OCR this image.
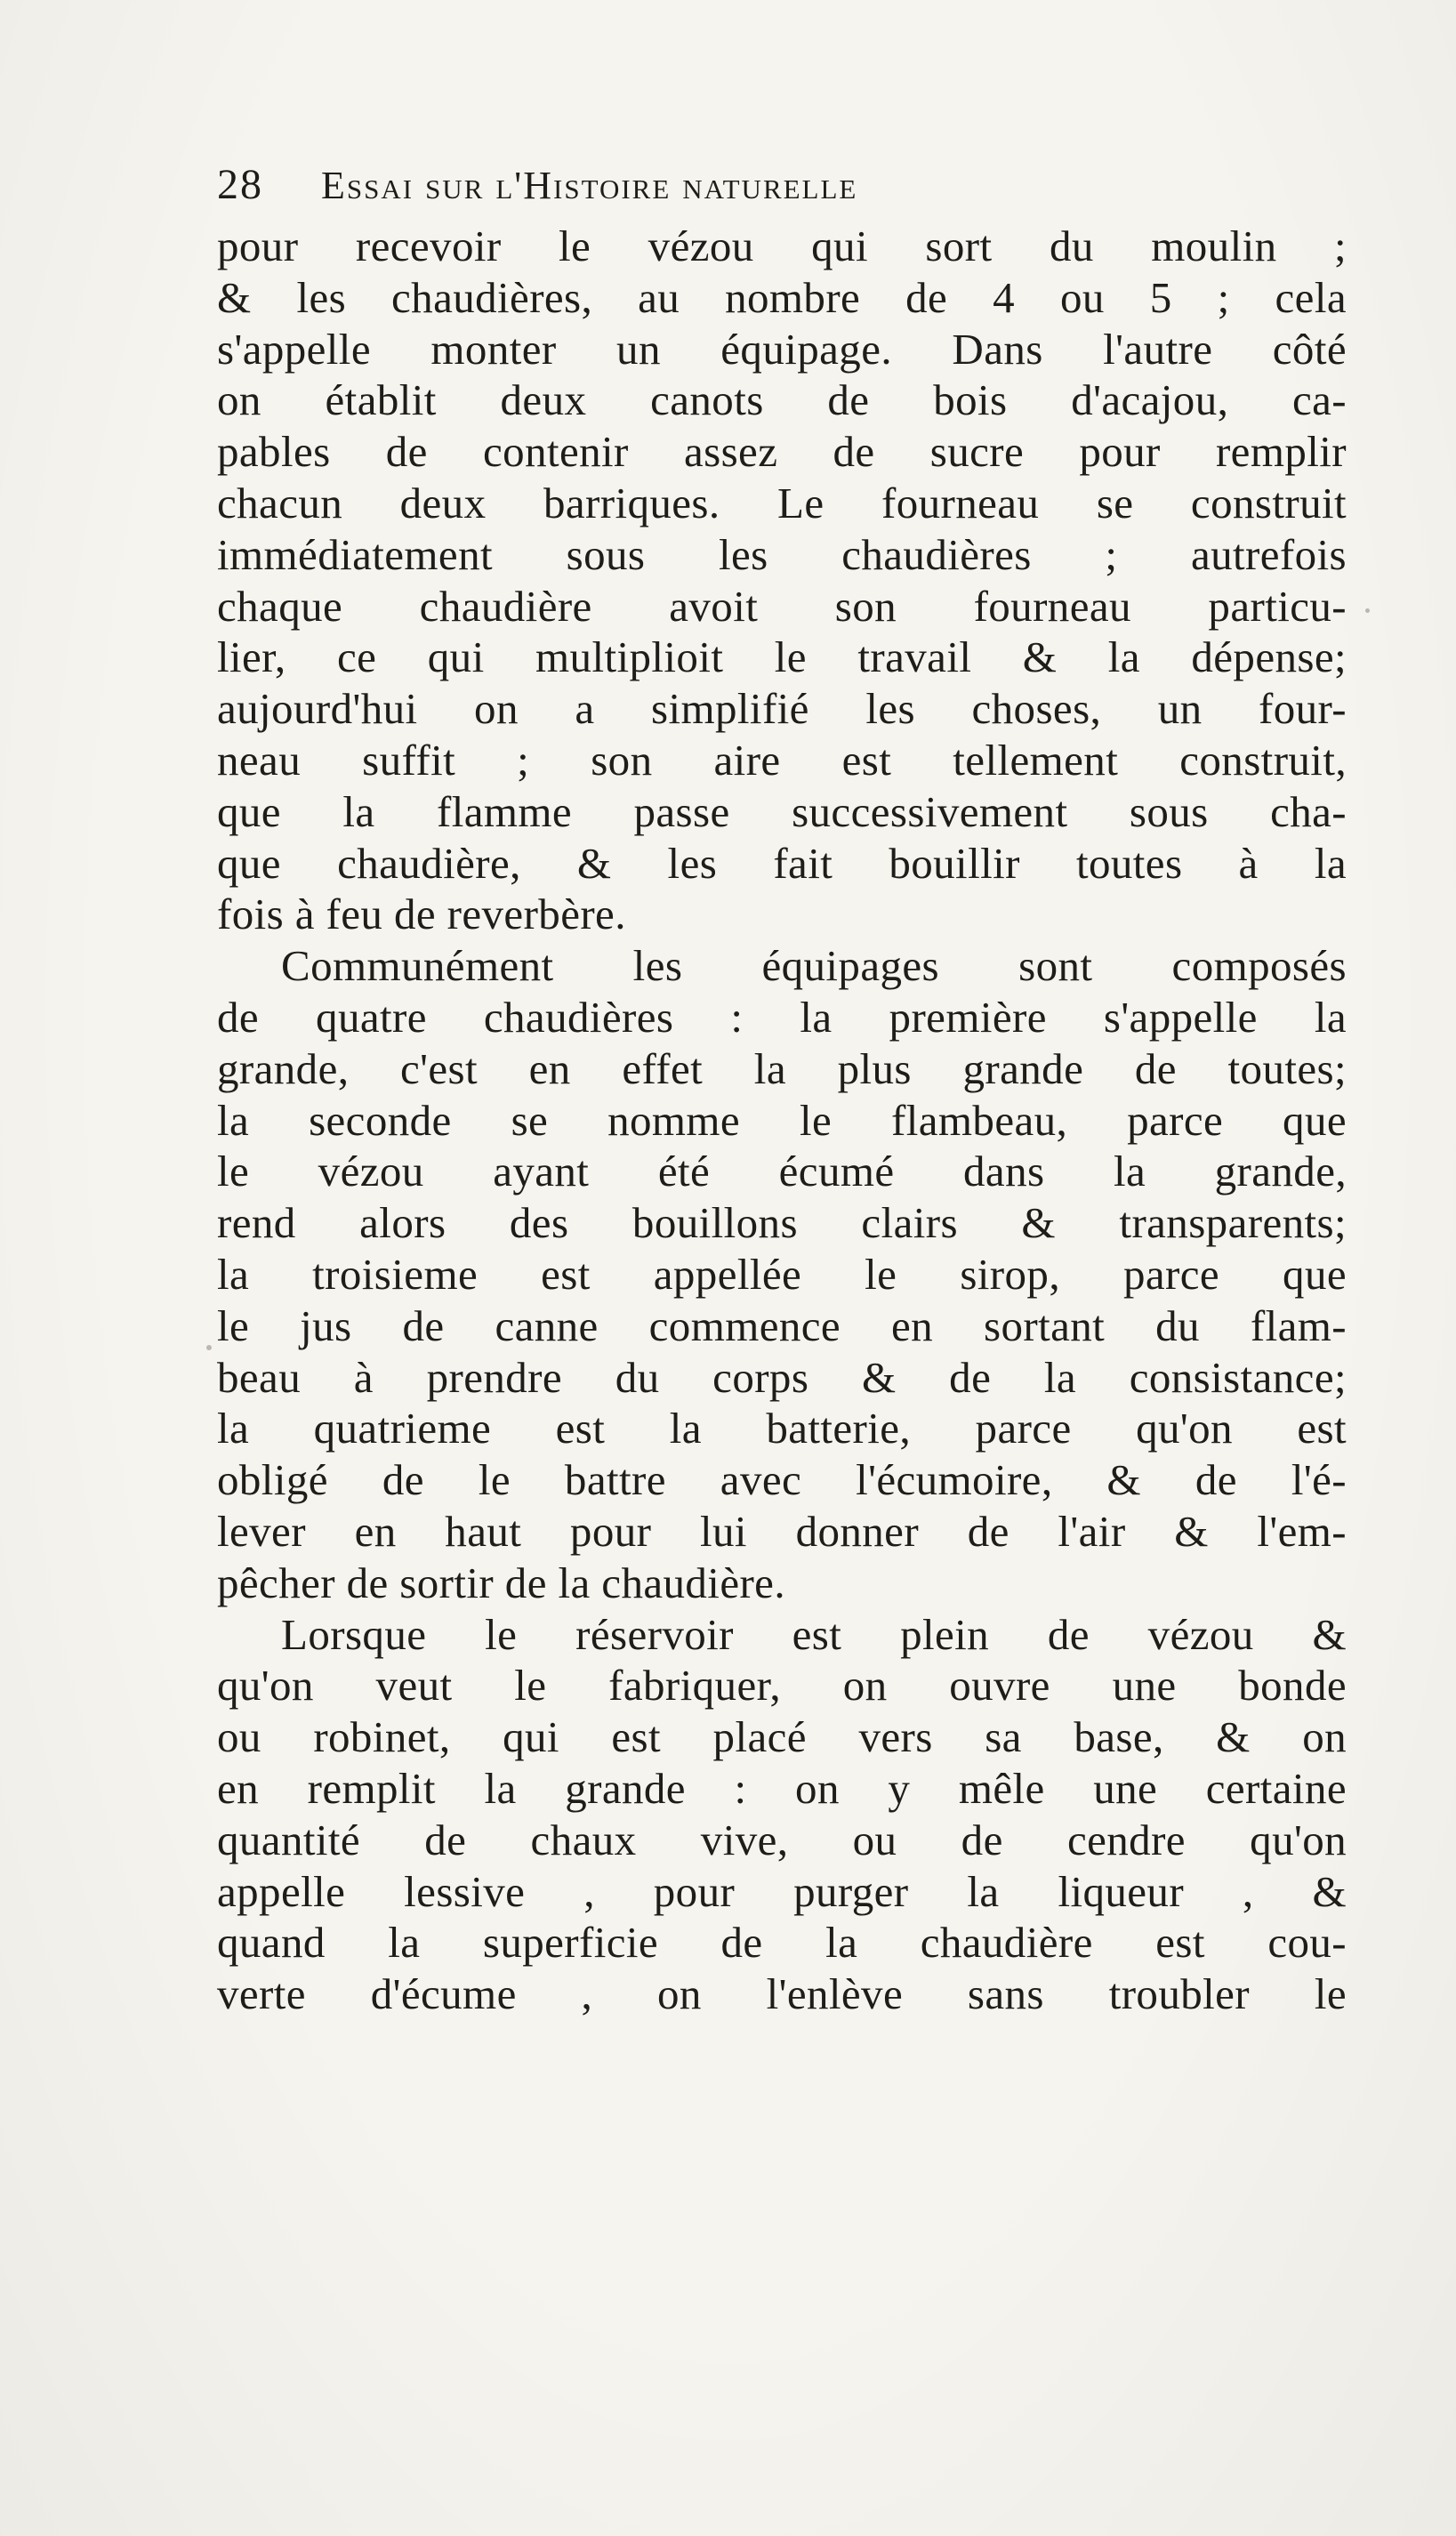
28 Essai sur l'Histoire naturelle
pour recevoir le vézou qui sort du moulin ;
& les chaudières, au nombre de 4 ou 5 ; cela
s'appelle monter un équipage. Dans l'autre côté
on établit deux canots de bois d'acajou, ca-
pables de contenir assez de sucre pour remplir
chacun deux barriques. Le fourneau se construit
immédiatement sous les chaudières ; autrefois
chaque chaudière avoit son fourneau particu-
lier, ce qui multiplioit le travail & la dépense;
aujourd'hui on a simplifié les choses, un four-
neau suffit ; son aire est tellement construit,
que la flamme passe successivement sous cha-
que chaudière, & les fait bouillir toutes à la
fois à feu de reverbère.
Communément les équipages sont composés
de quatre chaudières : la première s'appelle la
grande, c'est en effet la plus grande de toutes;
la seconde se nomme le flambeau, parce que
le vézou ayant été écumé dans la grande,
rend alors des bouillons clairs & transparents;
la troisieme est appellée le sirop, parce que
le jus de canne commence en sortant du flam-
beau à prendre du corps & de la consistance;
la quatrieme est la batterie, parce qu'on est
obligé de le battre avec l'écumoire, & de l'é-
lever en haut pour lui donner de l'air & l'em-
pêcher de sortir de la chaudière.
Lorsque le réservoir est plein de vézou &
qu'on veut le fabriquer, on ouvre une bonde
ou robinet, qui est placé vers sa base, & on
en remplit la grande : on y mêle une certaine
quantité de chaux vive, ou de cendre qu'on
appelle lessive , pour purger la liqueur , &
quand la superficie de la chaudière est cou-
verte d'écume , on l'enlève sans troubler le
